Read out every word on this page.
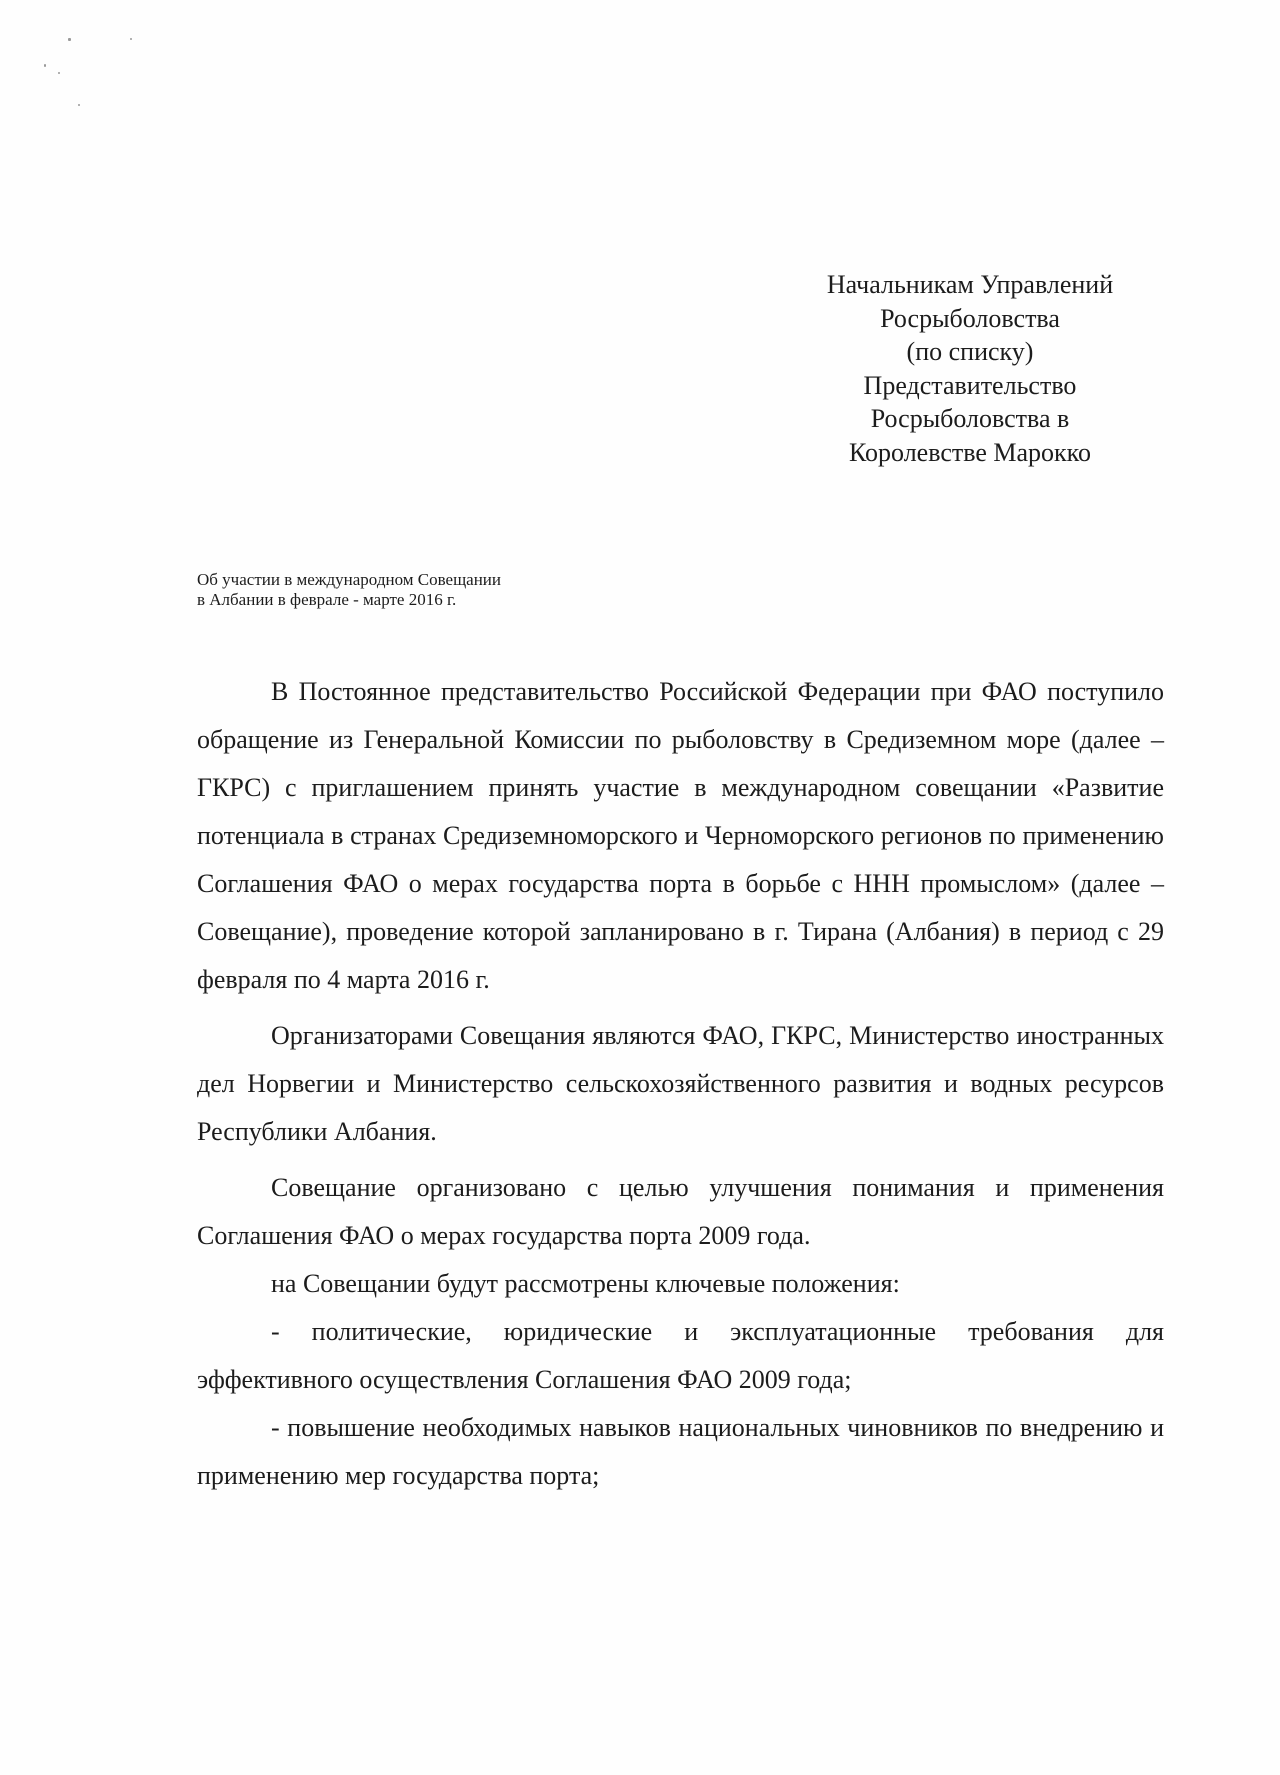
Начальникам Управлений
Росрыболовства
(по списку)
Представительство
Росрыболовства в
Королевстве Марокко
Об участии в международном Совещании
в Албании в феврале - марте 2016 г.

В Постоянное представительство Российской Федерации при ФАО поступило обращение из Генеральной Комиссии по рыболовству в Средиземном море (далее – ГКРС) с приглашением принять участие в международном совещании «Развитие потенциала в странах Средиземноморского и Черноморского регионов по применению Соглашения ФАО о мерах государства порта в борьбе с ННН промыслом» (далее – Совещание), проведение которой запланировано в г. Тирана (Албания) в период с 29 февраля по 4 марта 2016 г.

Организаторами Совещания являются ФАО, ГКРС, Министерство иностранных дел Норвегии и Министерство сельскохозяйственного развития и водных ресурсов Республики Албания.

Совещание организовано с целью улучшения понимания и применения Соглашения ФАО о мерах государства порта 2009 года.

на Совещании будут рассмотрены ключевые положения:

- политические, юридические и эксплуатационные требования для эффективного осуществления Соглашения ФАО 2009 года;

- повышение необходимых навыков национальных чиновников по внедрению и применению мер государства порта;
